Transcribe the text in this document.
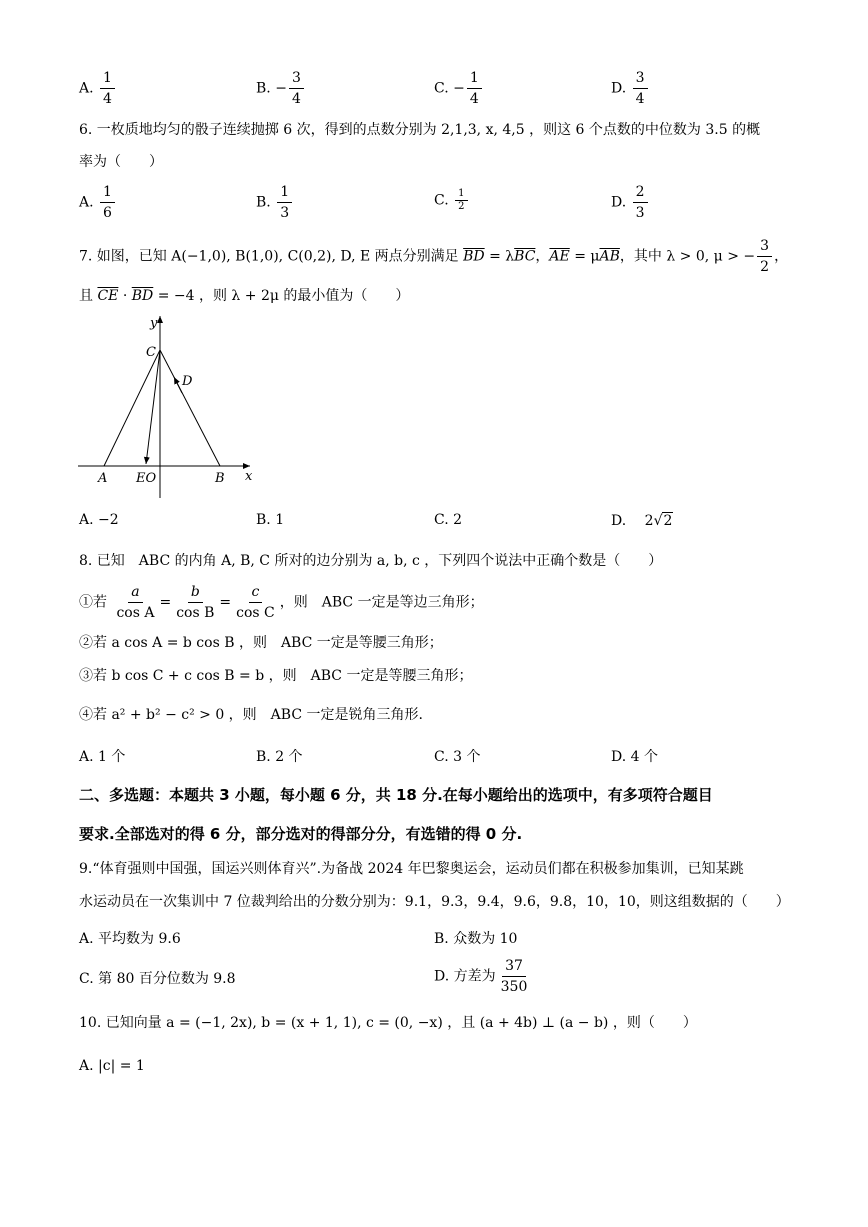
A. $\frac{1}{4}$	B. − $\frac{3}{4}$	C. − $\frac{1}{4}$	D. $\frac{3}{4}$
6. 一枚质地均匀的骰子连续抛掷 6 次，得到的点数分别为 2,1,3, x, 4,5 ，则这 6 个点数的中位数为 3.5 的概
率为（　　）
A. $\frac{1}{6}$	B. $\frac{1}{3}$	C. $\frac{1}{2}$	D. $\frac{2}{3}$
7. 如图，已知 A(−1,0), B(1,0), C(0,2), D, E 两点分别满足 $\overline{BD} = \lambda\overline{BC}$，$\overline{AE} = \mu\overline{AB}$，其中 λ > 0, μ > − $\frac{3}{2}$ ，
且 $\overline{CE} \cdot \overline{BD} = -4$ ，则 λ + 2μ 的最小值为（　　）
y
x
C
D
A EO	B
A. −2	B. 1	C. 2	D. 2√2
8. 已知　ABC 的内角 A, B, C 所对的边分别为 a, b, c ，下列四个说法中正确个数是（　　）
①若 $\frac{a}{\text{cos A}} = \frac{b}{\text{cos B}} = \frac{c}{\text{cos C}}$ ，则　ABC 一定是等边三角形；
②若 a cos A = b cos B ，则　ABC 一定是等腰三角形；
③若 b cos C + c cos B = b ，则　ABC 一定是等腰三角形；
④若 a² + b² − c² > 0 ，则　ABC 一定是锐角三角形.
A. 1 个	B. 2 个	C. 3 个	D. 4 个
二、多选题：本题共 3 小题，每小题 6 分，共 18 分.在每小题给出的选项中，有多项符合题目
要求.全部选对的得 6 分，部分选对的得部分分，有选错的得 0 分.
9.“体育强则中国强，国运兴则体育兴”.为备战 2024 年巴黎奥运会，运动员们都在积极参加集训，已知某跳
水运动员在一次集训中 7 位裁判给出的分数分别为：9.1，9.3，9.4，9.6，9.8，10，10，则这组数据的（　　）
A. 平均数为 9.6	B. 众数为 10
C. 第 80 百分位数为 9.8	D. 方差为 $\frac{37}{350}$
10. 已知向量 a = (−1, 2x), b = (x + 1, 1), c = (0, −x) ，且 (a + 4b) ⊥ (a − b) ，则（　　）
A. |c| = 1
